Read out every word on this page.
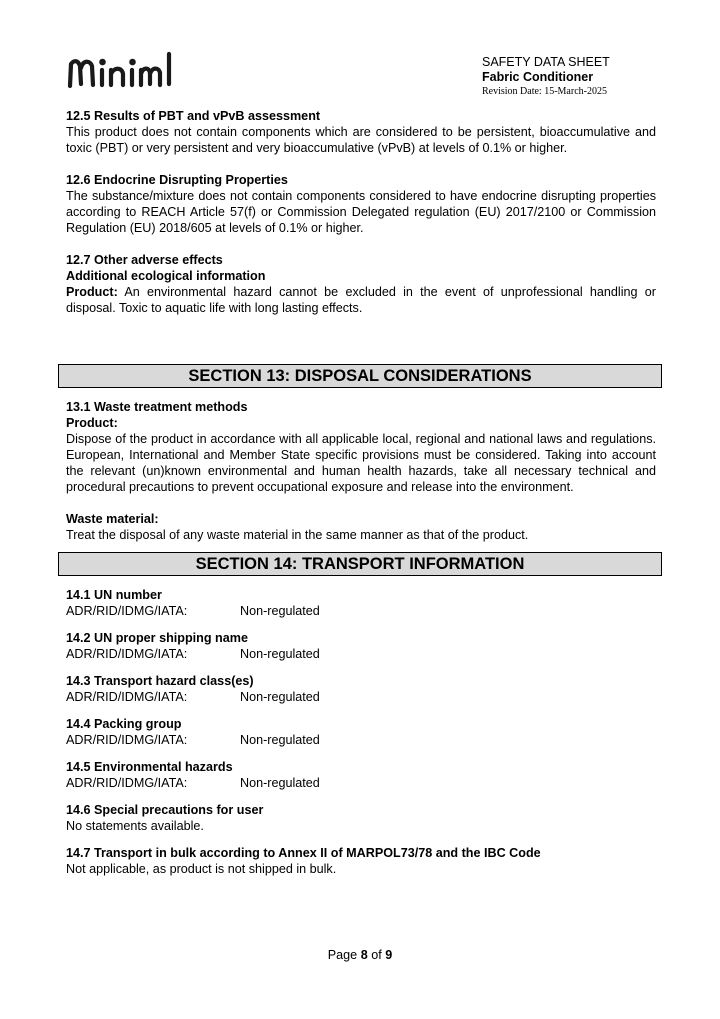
SAFETY DATA SHEET
Fabric Conditioner
Revision Date: 15-March-2025
12.5 Results of PBT and vPvB assessment
This product does not contain components which are considered to be persistent, bioaccumulative and toxic (PBT) or very persistent and very bioaccumulative (vPvB) at levels of 0.1% or higher.
12.6 Endocrine Disrupting Properties
The substance/mixture does not contain components considered to have endocrine disrupting properties according to REACH Article 57(f) or Commission Delegated regulation (EU) 2017/2100 or Commission Regulation (EU) 2018/605 at levels of 0.1% or higher.
12.7 Other adverse effects
Additional ecological information
Product: An environmental hazard cannot be excluded in the event of unprofessional handling or disposal. Toxic to aquatic life with long lasting effects.
SECTION 13: DISPOSAL CONSIDERATIONS
13.1 Waste treatment methods
Product:
Dispose of the product in accordance with all applicable local, regional and national laws and regulations. European, International and Member State specific provisions must be considered. Taking into account the relevant (un)known environmental and human health hazards, take all necessary technical and procedural precautions to prevent occupational exposure and release into the environment.
Waste material:
Treat the disposal of any waste material in the same manner as that of the product.
SECTION 14: TRANSPORT INFORMATION
14.1 UN number
ADR/RID/IDMG/IATA:	Non-regulated
14.2 UN proper shipping name
ADR/RID/IDMG/IATA:	Non-regulated
14.3 Transport hazard class(es)
ADR/RID/IDMG/IATA:	Non-regulated
14.4 Packing group
ADR/RID/IDMG/IATA:	Non-regulated
14.5 Environmental hazards
ADR/RID/IDMG/IATA:	Non-regulated
14.6 Special precautions for user
No statements available.
14.7 Transport in bulk according to Annex II of MARPOL73/78 and the IBC Code
Not applicable, as product is not shipped in bulk.
Page 8 of 9
